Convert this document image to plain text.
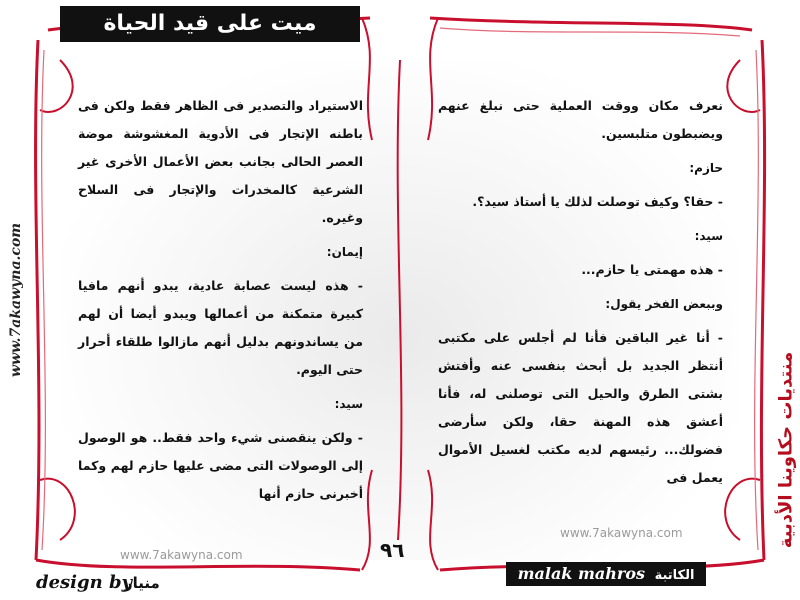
ميت على قيد الحياة
www.7akawyna.com
منتديات حكاوينا الأدبية

الاستيراد والتصدير فى الظاهر فقط ولكن فى باطنه الإتجار فى الأدوية المغشوشة موضة العصر الحالى بجانب بعض الأعمال الأخرى غير الشرعية كالمخدرات والإتجار فى السلاح وغيره.

إيمان:

- هذه ليست عصابة عادية، يبدو أنهم مافيا كبيرة متمكنة من أعمالها ويبدو أيضا أن لهم من يساندونهم بدليل أنهم مازالوا طلقاء أحرار حتى اليوم.

سيد:

- ولكن ينقصنى شيء واحد فقط.. هو الوصول إلى الوصولات التى مضى عليها حازم لهم وكما أخبرنى حازم أنها

نعرف مكان ووقت العملية حتى نبلغ عنهم ويضبطون متلبسين.

حازم:

- حقا؟ وكيف توصلت لذلك يا أستاذ سيد؟.

سيد:

- هذه مهمتى يا حازم...

وببعض الفخر يقول:

- أنا غير الباقين فأنا لم أجلس على مكتبى أنتظر الجديد بل أبحث بنفسى عنه وأفتش بشتى الطرق والحيل التى توصلنى له، فأنا أعشق هذه المهنة حقا، ولكن سأرضى فضولك... رئيسهم لديه مكتب لغسيل الأموال يعمل فى

www.7akawyna.com
www.7akawyna.com
٩٦
malak mahros الكاتبة
design by
منيار
